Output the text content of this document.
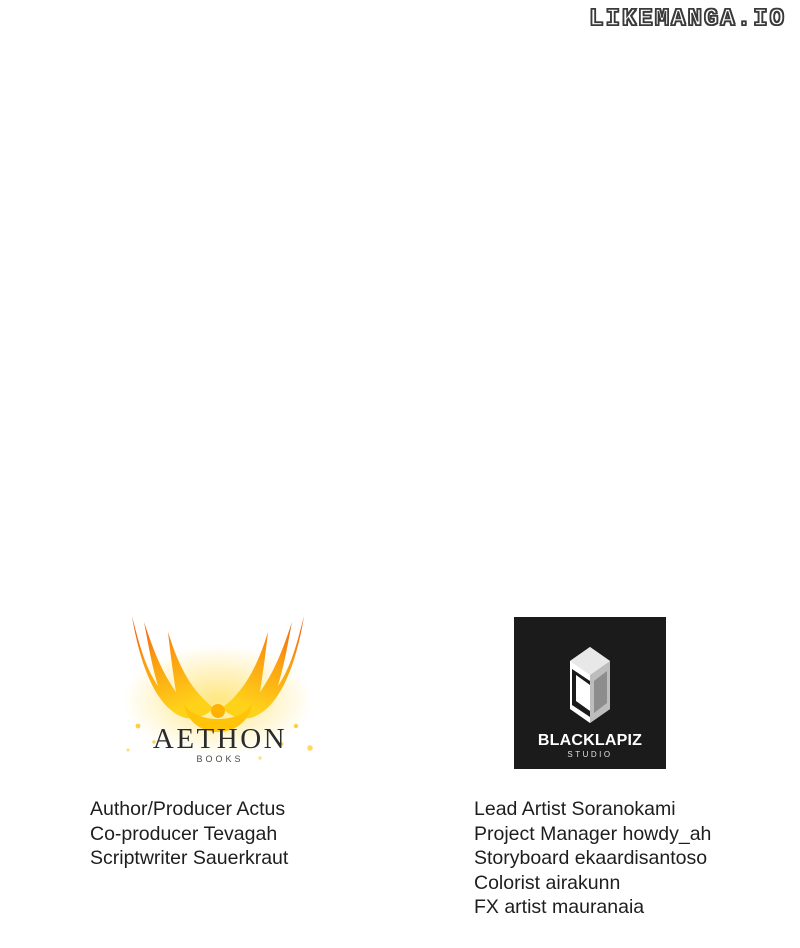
LIKEMANGA.IO
AETHON
BOOKS
Author/Producer Actus
Co-producer Tevagah
Scriptwriter Sauerkraut
BLACKLAPIZ
STUDIO
Lead Artist Soranokami
Project Manager howdy_ah
Storyboard ekaardisantoso
Colorist airakunn
FX artist mauranaia
